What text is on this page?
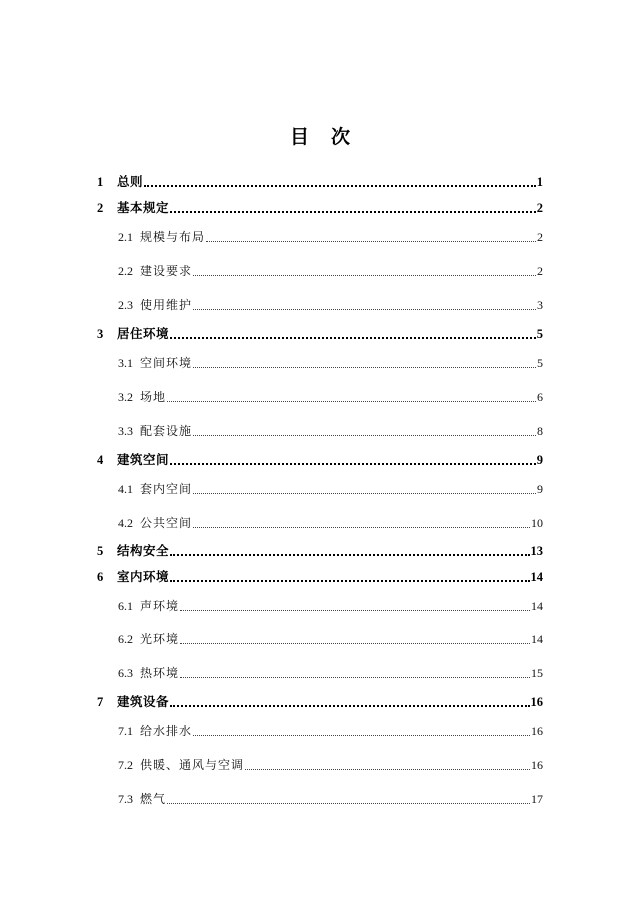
目 次
1	总则	1
2	基本规定	2
2.1 规模与布局	2
2.2 建设要求	2
2.3 使用维护	3
3	居住环境	5
3.1 空间环境	5
3.2 场地	6
3.3 配套设施	8
4	建筑空间	9
4.1 套内空间	9
4.2 公共空间	10
5	结构安全	13
6	室内环境	14
6.1 声环境	14
6.2 光环境	14
6.3 热环境	15
7	建筑设备	16
7.1 给水排水	16
7.2 供暖、通风与空调	16
7.3 燃气	17
